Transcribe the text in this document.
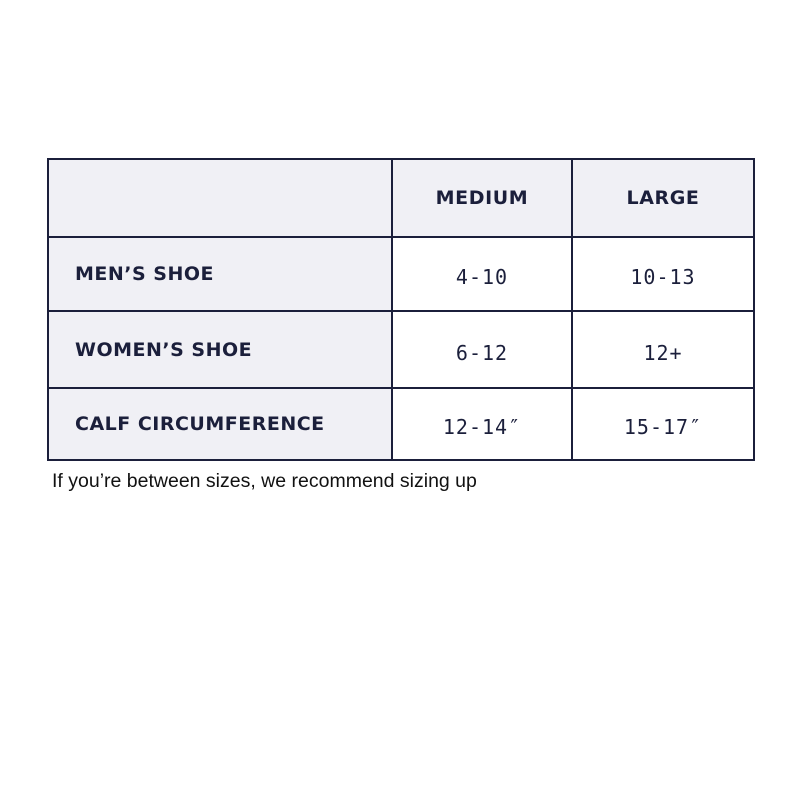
	MEDIUM	LARGE
MEN’S SHOE	4-10	10-13
WOMEN’S SHOE	6-12	12+
CALF CIRCUMFERENCE	12-14″	15-17″

If you’re between sizes, we recommend sizing up
